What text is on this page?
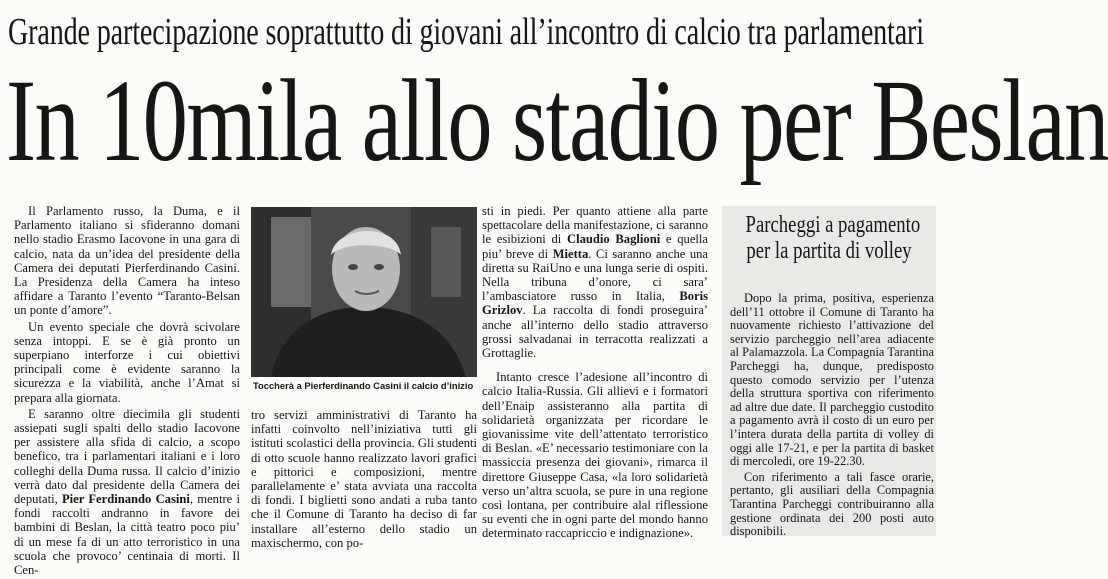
Grande partecipazione soprattutto di giovani all’incontro di calcio tra parlamentari
In 10mila allo stadio per Beslan

Il Parlamento russo, la Duma, e il Parlamento italiano si sfideranno domani nello stadio Erasmo Iacovone in una gara di calcio, nata da un’idea del presidente della Camera dei deputati Pierferdinando Casini. La Presidenza della Camera ha inteso affidare a Taranto l’evento “Taranto-Belsan un ponte d’amore”.

Un evento speciale che dovrà scivolare senza intoppi. E se è già pronto un superpiano interforze i cui obiettivi principali come è evidente saranno la sicurezza e la viabilità, anche l’Amat si prepara alla giornata.

E saranno oltre diecimila gli studenti assiepati sugli spalti dello stadio Iacovone per assistere alla sfida di calcio, a scopo benefico, tra i parlamentari italiani e i loro colleghi della Duma russa. Il calcio d’inizio verrà dato dal presidente della Camera dei deputati, Pier Ferdinando Casini, mentre i fondi raccolti andranno in favore dei bambini di Beslan, la città teatro poco piu’ di un mese fa di un atto terroristico in una scuola che provoco’ centinaia di morti. Il Cen-

Toccherà a Pierferdinando Casini il calcio d’inizio

tro servizi amministrativi di Taranto ha infatti coinvolto nell’iniziativa tutti gli istituti scolastici della provincia. Gli studenti di otto scuole hanno realizzato lavori grafici e pittorici e composizioni, mentre parallelamente e’ stata avviata una raccolta di fondi. I biglietti sono andati a ruba tanto che il Comune di Taranto ha deciso di far installare all’esterno dello stadio un maxischermo, con po-

sti in piedi. Per quanto attiene alla parte spettacolare della manifestazione, ci saranno le esibizioni di Claudio Baglioni e quella piu’ breve di Mietta. Ci saranno anche una diretta su RaiUno e una lunga serie di ospiti. Nella tribuna d’onore, ci sara’ l’ambasciatore russo in Italia, Boris Grizlov. La raccolta di fondi proseguira’ anche all’interno dello stadio attraverso grossi salvadanai in terracotta realizzati a Grottaglie.

Intanto cresce l’adesione all’incontro di calcio Italia-Russia. Gli allievi e i formatori dell’Enaip assisteranno alla partita di solidarietà organizzata per ricordare le giovanissime vite dell’attentato terroristico di Beslan. «E’ necessario testimoniare con la massiccia presenza dei giovani», rimarca il direttore Giuseppe Casa, «la loro solidarietà verso un’altra scuola, se pure in una regione così lontana, per contribuire alal riflessione su eventi che in ogni parte del mondo hanno determinato raccapriccio e indignazione».

Parcheggi a pagamento
per la partita di volley

Dopo la prima, positiva, esperienza dell’11 ottobre il Comune di Taranto ha nuovamente richiesto l’attivazione del servizio parcheggio nell’area adiacente al Palamazzola. La Compagnia Tarantina Parcheggi ha, dunque, predisposto questo comodo servizio per l’utenza della struttura sportiva con riferimento ad altre due date. Il parcheggio custodito a pagamento avrà il costo di un euro per l’intera durata della partita di volley di oggi alle 17-21, e per la partita di basket di mercoledì, ore 19-22.30.

Con riferimento a tali fasce orarie, pertanto, gli ausiliari della Compagnia Tarantina Parcheggi contribuiranno alla gestione ordinata dei 200 posti auto disponibili.
